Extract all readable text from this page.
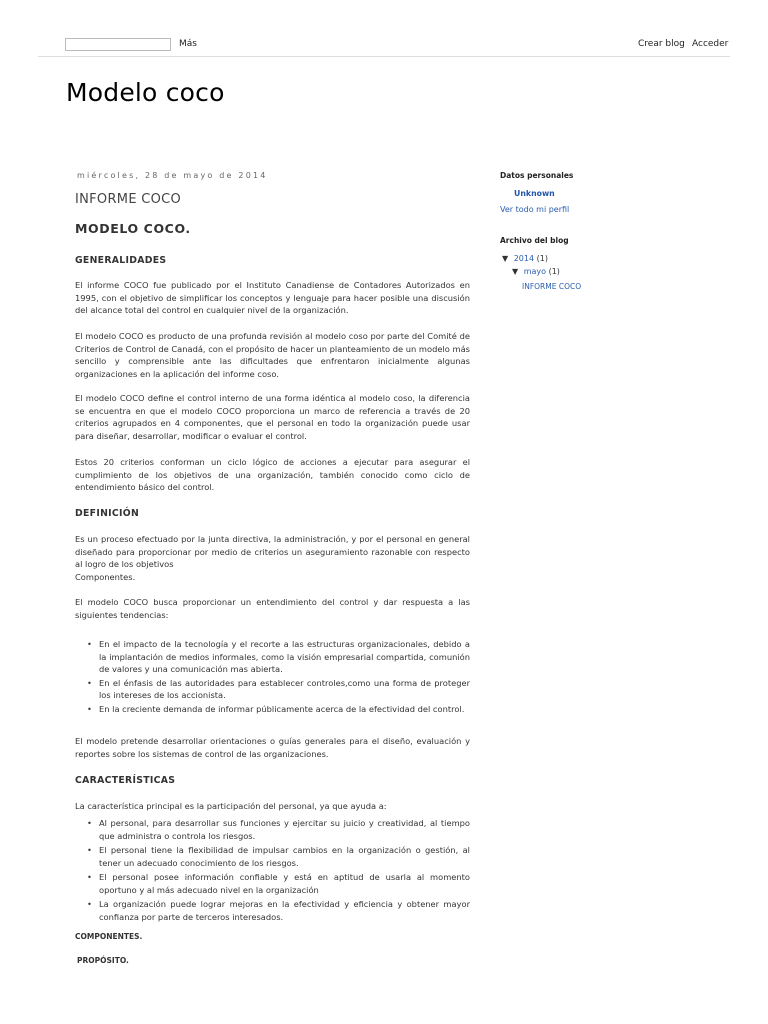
Más	Crear blog Acceder
Modelo coco
miércoles, 28 de mayo de 2014
INFORME COCO
MODELO COCO.
GENERALIDADES
El informe COCO fue publicado por el Instituto Canadiense de Contadores Autorizados en 1995, con el objetivo de simplificar los conceptos y lenguaje para hacer posible una discusión del alcance total del control en cualquier nivel de la organización.
El modelo COCO es producto de una profunda revisión al modelo coso por parte del Comité de Criterios de Control de Canadá, con el propósito de hacer un planteamiento de un modelo más sencillo y comprensible ante las dificultades que enfrentaron inicialmente algunas organizaciones en la aplicación del informe coso.
El modelo COCO define el control interno de una forma idéntica al modelo coso, la diferencia se encuentra en que el modelo COCO proporciona un marco de referencia a través de 20 criterios agrupados en 4 componentes, que el personal en todo la organización puede usar para diseñar, desarrollar, modificar o evaluar el control.
Estos 20 criterios conforman un ciclo lógico de acciones a ejecutar para asegurar el cumplimiento de los objetivos de una organización, también conocido como ciclo de entendimiento básico del control.
DEFINICIÓN
Es un proceso efectuado por la junta directiva, la administración, y por el personal en general diseñado para proporcionar por medio de criterios un aseguramiento razonable con respecto al logro de los objetivos
Componentes.
El modelo COCO busca proporcionar un entendimiento del control y dar respuesta a las siguientes tendencias:
• En el impacto de la tecnología y el recorte a las estructuras organizacionales, debido a la implantación de medios informales, como la visión empresarial compartida, comunión de valores y una comunicación mas abierta.
• En el énfasis de las autoridades para establecer controles,como una forma de proteger los intereses de los accionista.
• En la creciente demanda de informar públicamente acerca de la efectividad del control.
El modelo pretende desarrollar orientaciones o guías generales para el diseño, evaluación y reportes sobre los sistemas de control de las organizaciones.
CARACTERÍSTICAS
La característica principal es la participación del personal, ya que ayuda a:
• Al personal, para desarrollar sus funciones y ejercitar su juicio y creatividad, al tiempo que administra o controla los riesgos.
• El personal tiene la flexibilidad de impulsar cambios en la organización o gestión, al tener un adecuado conocimiento de los riesgos.
• El personal posee información confiable y está en aptitud de usarla al momento oportuno y al más adecuado nivel en la organización
• La organización puede lograr mejoras en la efectividad y eficiencia y obtener mayor confianza por parte de terceros interesados.
COMPONENTES.
PROPÓSITO.
Datos personales
Unknown
Ver todo mi perfil
Archivo del blog
▼ 2014 (1)
▼ mayo (1)
INFORME COCO
